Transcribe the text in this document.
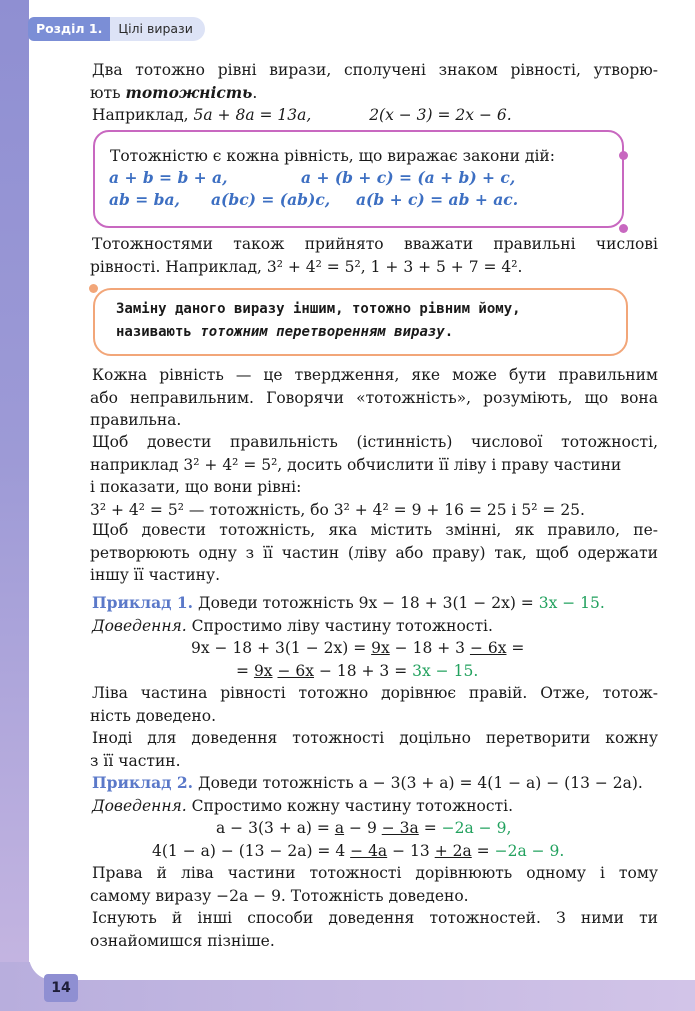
Розділ 1.	Цілі вирази
Два тотожно рівні вирази, сполучені знаком рівності, утворю-
ють тотожність.
Наприклад, 5a + 8a = 13a,	2(x − 3) = 2x − 6.
Тотожністю є кожна рівність, що виражає закони дій:
a + b = b + a,	a + (b + c) = (a + b) + c,
ab = ba, a(bc) = (ab)c, a(b + c) = ab + ac.
Тотожностями також прийнято вважати правильні числові
рівності. Наприклад, 3² + 4² = 5², 1 + 3 + 5 + 7 = 4².
Заміну даного виразу іншим, тотожно рівним йому,
називають тотожним перетворенням виразу.
Кожна рівність — це твердження, яке може бути правильним
або неправильним. Говорячи «тотожність», розуміють, що вона
правильна.
Щоб довести правильність (істинність) числової тотожності,
наприклад 3² + 4² = 5², досить обчислити її ліву і праву частини
і показати, що вони рівні:
3² + 4² = 5² — тотожність, бо 3² + 4² = 9 + 16 = 25 і 5² = 25.
Щоб довести тотожність, яка містить змінні, як правило, пе-
ретворюють одну з її частин (ліву або праву) так, щоб одержати
іншу її частину.
Приклад 1. Доведи тотожність 9x − 18 + 3(1 − 2x) = 3x − 15.
Доведення. Спростимо ліву частину тотожності.
9x − 18 + 3(1 − 2x) = 9x − 18 + 3 − 6x =
= 9x − 6x − 18 + 3 = 3x − 15.
Ліва частина рівності тотожно дорівнює правій. Отже, тотож-
ність доведено.
Іноді для доведення тотожності доцільно перетворити кожну
з її частин.
Приклад 2. Доведи тотожність a − 3(3 + a) = 4(1 − a) − (13 − 2a).
Доведення. Спростимо кожну частину тотожності.
a − 3(3 + a) = a − 9 − 3a = −2a − 9,
4(1 − a) − (13 − 2a) = 4 − 4a − 13 + 2a = −2a − 9.
Права й ліва частини тотожності дорівнюють одному і тому
самому виразу −2a − 9. Тотожність доведено.
Існують й інші способи доведення тотожностей. З ними ти
ознайомишся пізніше.
14
